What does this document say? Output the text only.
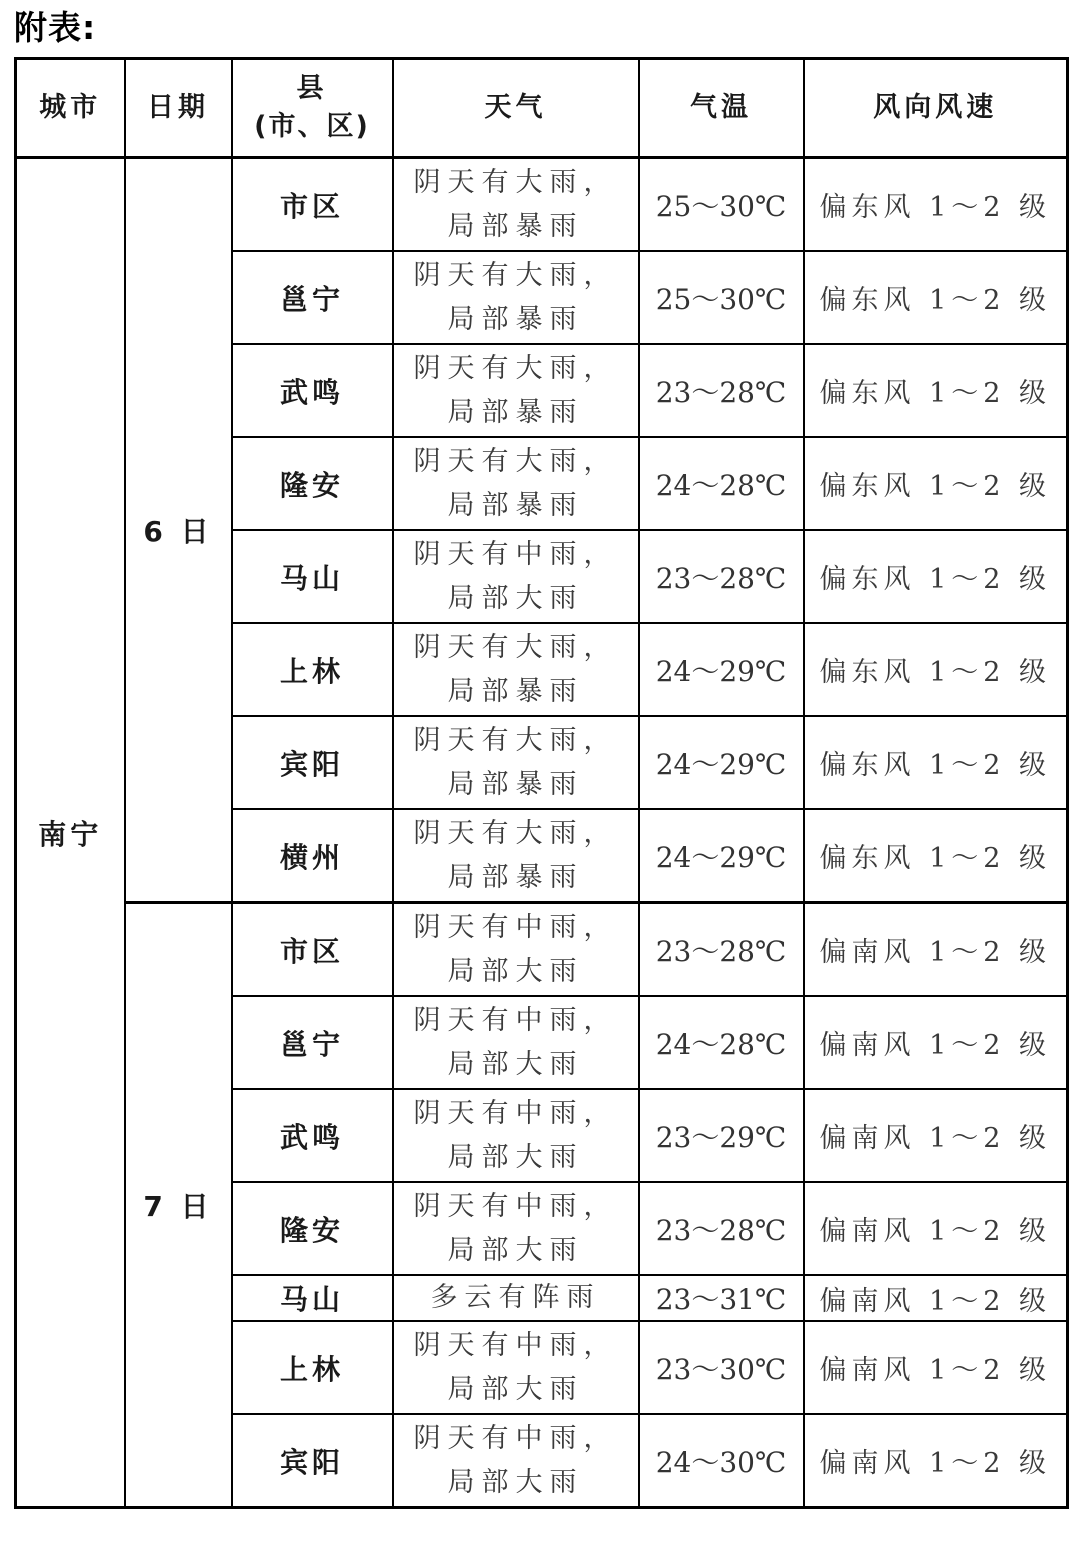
附表:
城市	日期	县
(市、区)	天气	气温	风向风速
南宁	6 日	市区	阴天有大雨，局部暴雨	25～30℃	偏东风 1～2 级
		邕宁	阴天有大雨，局部暴雨	25～30℃	偏东风 1～2 级
		武鸣	阴天有大雨，局部暴雨	23～28℃	偏东风 1～2 级
		隆安	阴天有大雨，局部暴雨	24～28℃	偏东风 1～2 级
		马山	阴天有中雨，局部大雨	23～28℃	偏东风 1～2 级
		上林	阴天有大雨，局部暴雨	24～29℃	偏东风 1～2 级
		宾阳	阴天有大雨，局部暴雨	24～29℃	偏东风 1～2 级
		横州	阴天有大雨，局部暴雨	24～29℃	偏东风 1～2 级
	7 日	市区	阴天有中雨，局部大雨	23～28℃	偏南风 1～2 级
		邕宁	阴天有中雨，局部大雨	24～28℃	偏南风 1～2 级
		武鸣	阴天有中雨，局部大雨	23～29℃	偏南风 1～2 级
		隆安	阴天有中雨，局部大雨	23～28℃	偏南风 1～2 级
		马山	多云有阵雨	23～31℃	偏南风 1～2 级
		上林	阴天有中雨，局部大雨	23～30℃	偏南风 1～2 级
		宾阳	阴天有中雨，局部大雨	24～30℃	偏南风 1～2 级
